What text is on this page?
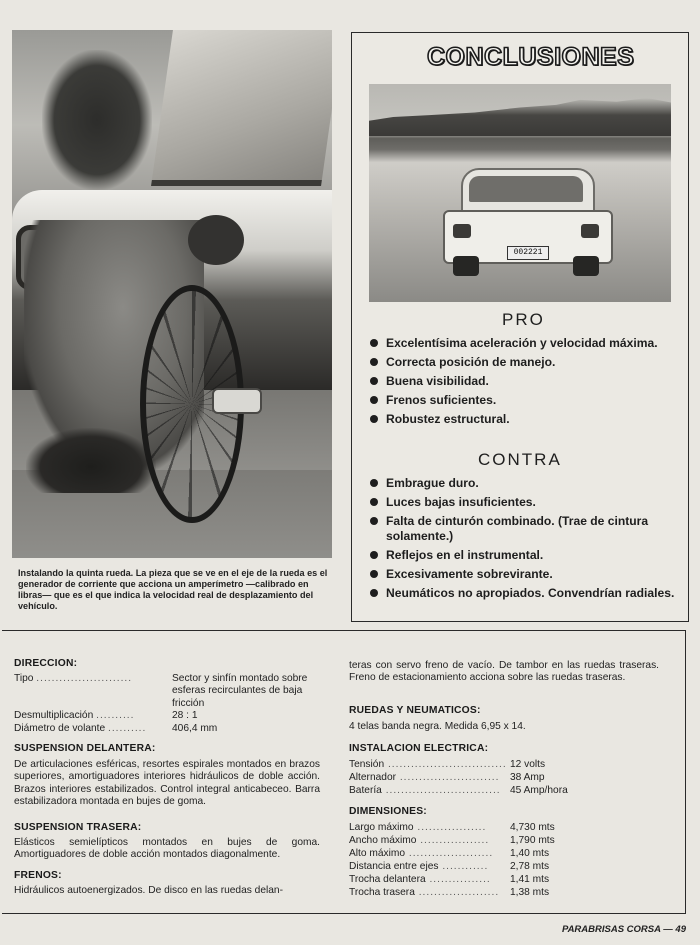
Instalando la quinta rueda. La pieza que se ve en el eje de la rueda es el generador de corriente que acciona un amperímetro —calibrado en libras— que es el que indica la velocidad real de desplazamiento del vehículo.
CONCLUSIONES
002221
PRO
Excelentísima aceleración y velocidad máxima.
Correcta posición de manejo.
Buena visibilidad.
Frenos suficientes.
Robustez estructural.
CONTRA
Embrague duro.
Luces bajas insuficientes.
Falta de cinturón combinado. (Trae de cintura solamente.)
Reflejos en el instrumental.
Excesivamente sobrevirante.
Neumáticos no apropiados. Convendrían radiales.
DIRECCION:
Tipo .........................	Sector y sinfín montado sobre esferas recirculantes de baja fricción
Desmultiplicación ..........	28 : 1
Diámetro de volante ..........	406,4 mm
SUSPENSION DELANTERA:
De articulaciones esféricas, resortes espirales montados en brazos superiores, amortiguadores interiores hidráulicos de doble acción. Brazos interiores estabilizados. Control integral anticabeceo. Barra estabilizadora montada en bujes de goma.
SUSPENSION TRASERA:
Elásticos semielípticos montados en bujes de goma. Amortiguadores de doble acción montados diagonalmente.
FRENOS:
Hidráulicos autoenergizados. De disco en las ruedas delan-
teras con servo freno de vacío. De tambor en las ruedas traseras. Freno de estacionamiento acciona sobre las ruedas traseras.
RUEDAS Y NEUMATICOS:
4 telas banda negra. Medida 6,95 x 14.
INSTALACION ELECTRICA:
Tensión ............................... 12 volts
Alternador .......................... 38 Amp
Batería .............................. 45 Amp/hora
DIMENSIONES:
Largo máximo .................. 4,730 mts
Ancho máximo .................. 1,790 mts
Alto máximo ...................... 1,40 mts
Distancia entre ejes ............ 2,78 mts
Trocha delantera ................ 1,41 mts
Trocha trasera ..................... 1,38 mts
PARABRISAS CORSA — 49
